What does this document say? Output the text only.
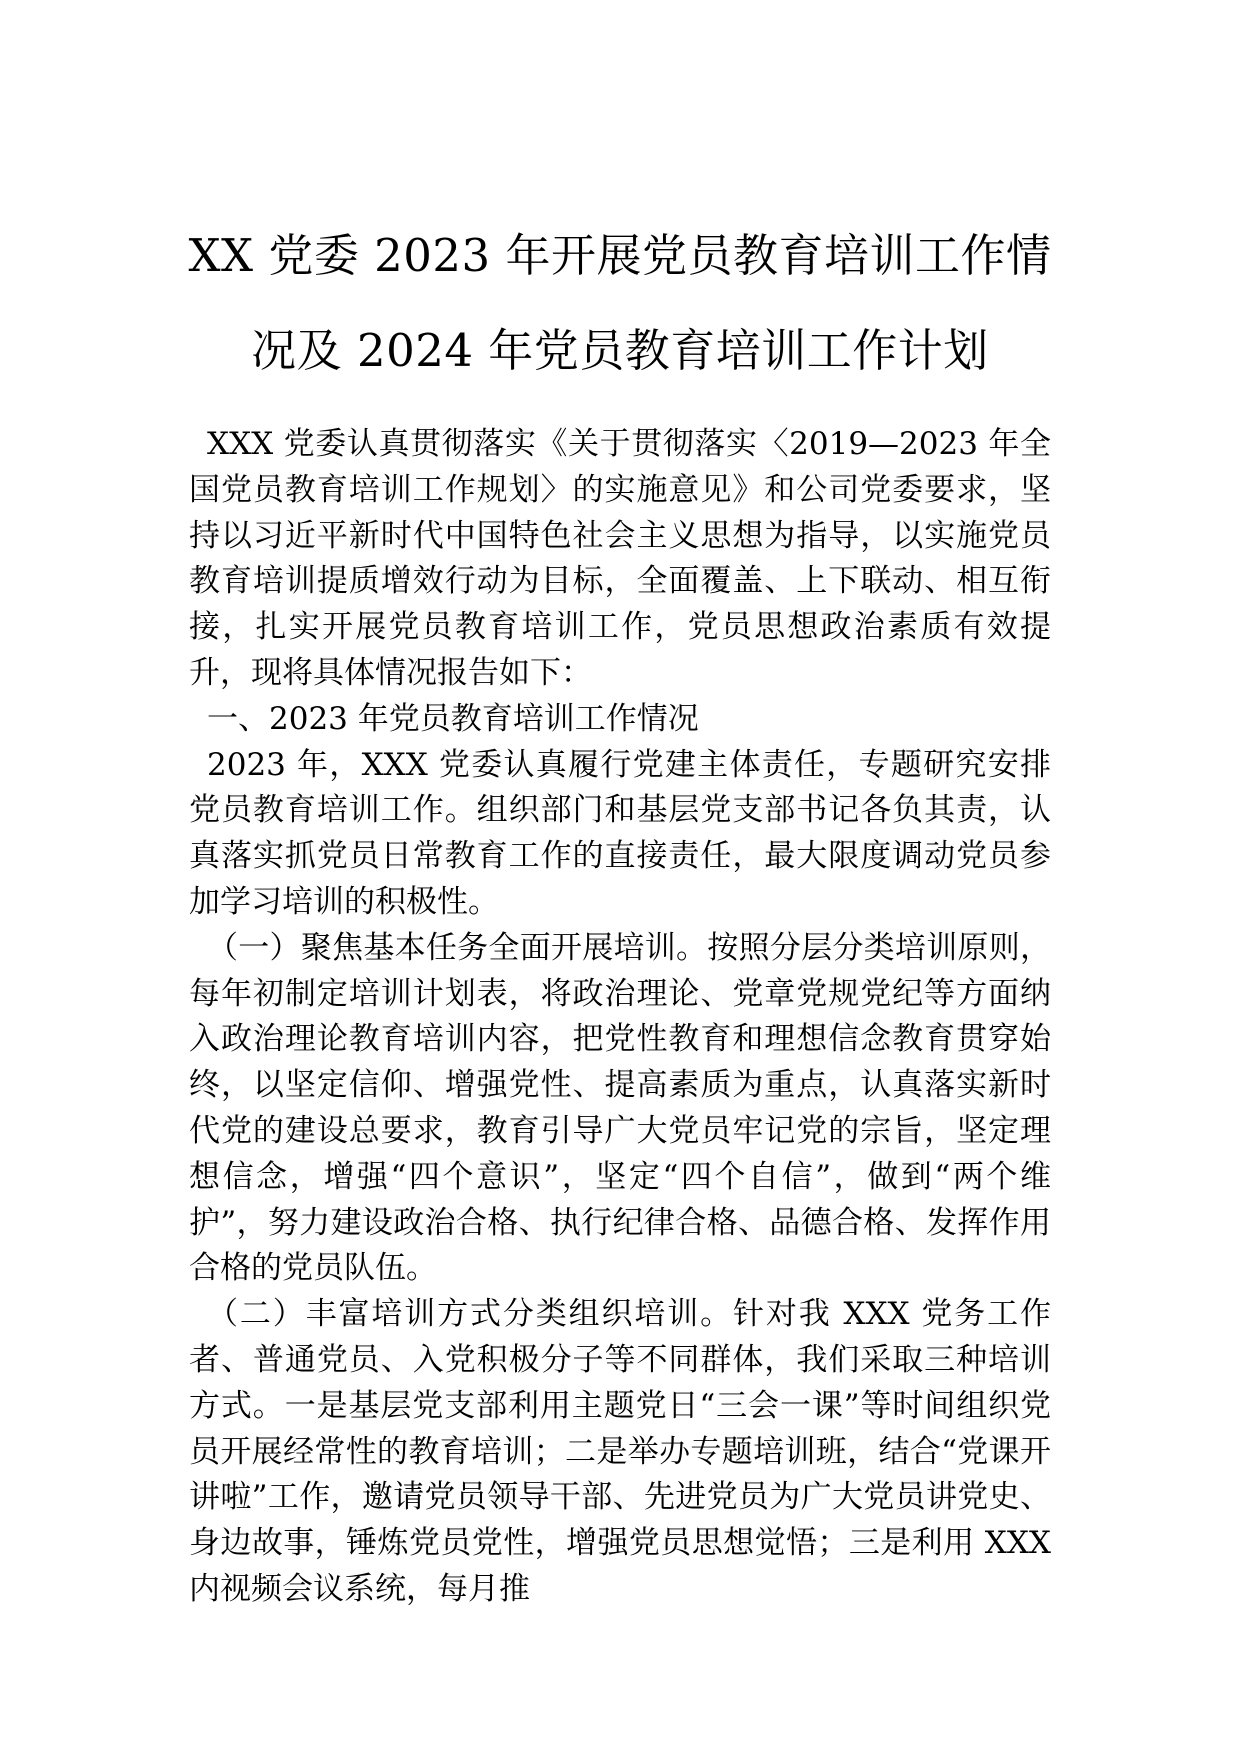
XX 党委 2023 年开展党员教育培训工作情
况及 2024 年党员教育培训工作计划

XXX 党委认真贯彻落实《关于贯彻落实〈2019—2023 年全国党员教育培训工作规划〉的实施意见》和公司党委要求，坚持以习近平新时代中国特色社会主义思想为指导，以实施党员教育培训提质增效行动为目标，全面覆盖、上下联动、相互衔接，扎实开展党员教育培训工作，党员思想政治素质有效提升，现将具体情况报告如下：

一、2023 年党员教育培训工作情况

2023 年，XXX 党委认真履行党建主体责任，专题研究安排党员教育培训工作。组织部门和基层党支部书记各负其责，认真落实抓党员日常教育工作的直接责任，最大限度调动党员参加学习培训的积极性。

（一）聚焦基本任务全面开展培训。按照分层分类培训原则，每年初制定培训计划表，将政治理论、党章党规党纪等方面纳入政治理论教育培训内容，把党性教育和理想信念教育贯穿始终，以坚定信仰、增强党性、提高素质为重点，认真落实新时代党的建设总要求，教育引导广大党员牢记党的宗旨，坚定理想信念，增强“四个意识”，坚定“四个自信”，做到“两个维护”，努力建设政治合格、执行纪律合格、品德合格、发挥作用合格的党员队伍。

（二）丰富培训方式分类组织培训。针对我 XXX 党务工作者、普通党员、入党积极分子等不同群体，我们采取三种培训方式。一是基层党支部利用主题党日“三会一课”等时间组织党员开展经常性的教育培训；二是举办专题培训班，结合“党课开讲啦”工作，邀请党员领导干部、先进党员为广大党员讲党史、身边故事，锤炼党员党性，增强党员思想觉悟；三是利用 XXX 内视频会议系统，每月推
